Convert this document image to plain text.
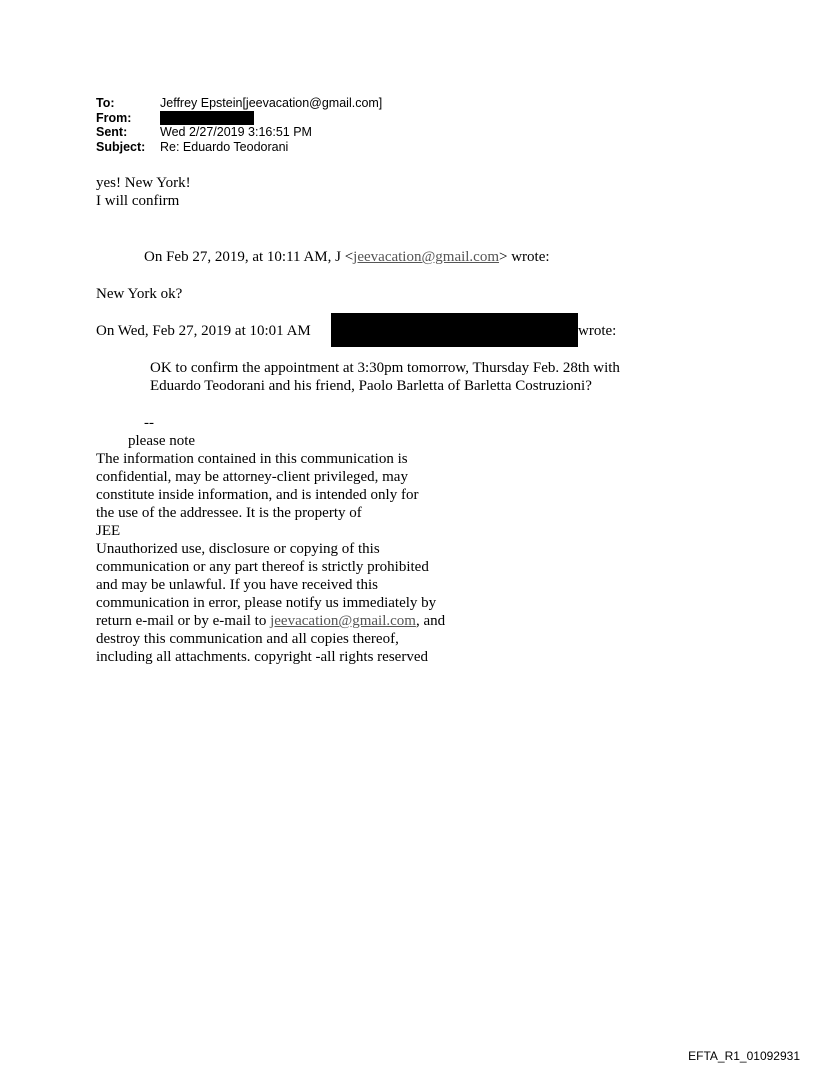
To:	Jeffrey Epstein[jeevacation@gmail.com]
From:
Sent:	Wed 2/27/2019 3:16:51 PM
Subject:	Re: Eduardo Teodorani
yes! New York!
I will confirm
On Feb 27, 2019, at 10:11 AM, J <jeevacation@gmail.com> wrote:
New York ok?
On Wed, Feb 27, 2019 at 10:01 AM	wrote:
OK to confirm the appointment at 3:30pm tomorrow, Thursday Feb. 28th with
Eduardo Teodorani and his friend, Paolo Barletta of Barletta Costruzioni?
--
please note
The information contained in this communication is
confidential, may be attorney-client privileged, may
constitute inside information, and is intended only for
the use of the addressee. It is the property of
JEE
Unauthorized use, disclosure or copying of this
communication or any part thereof is strictly prohibited
and may be unlawful. If you have received this
communication in error, please notify us immediately by
return e-mail or by e-mail to jeevacation@gmail.com, and
destroy this communication and all copies thereof,
including all attachments. copyright -all rights reserved
EFTA_R1_01092931
